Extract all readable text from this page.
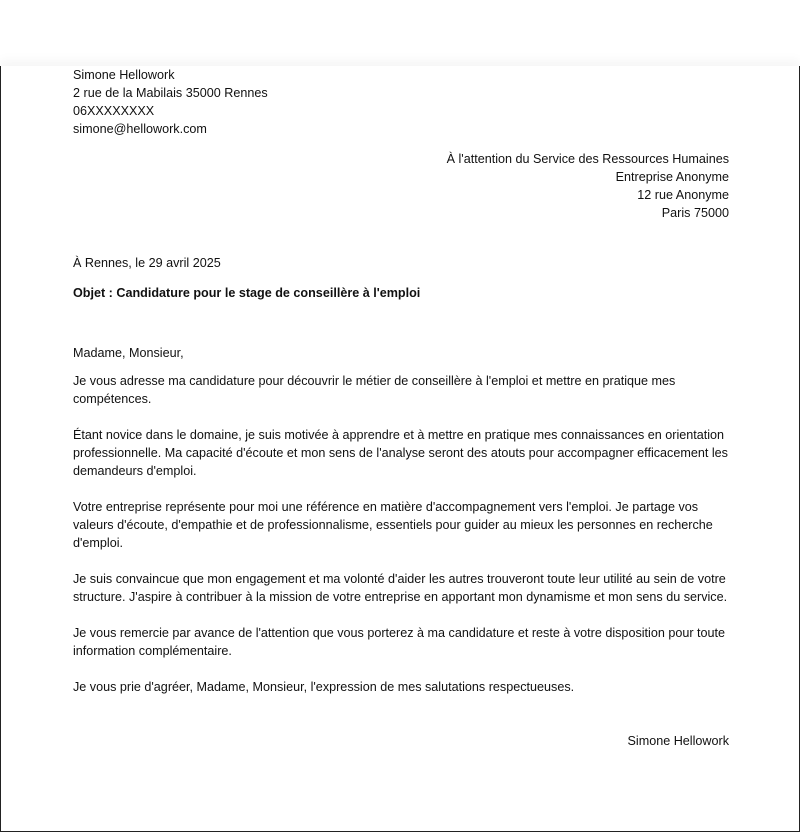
Simone Hellowork
2 rue de la Mabilais 35000 Rennes
06XXXXXXXX
simone@hellowork.com
À l'attention du Service des Ressources Humaines
Entreprise Anonyme
12 rue Anonyme
Paris 75000
À Rennes, le 29 avril 2025
Objet : Candidature pour le stage de conseillère à l'emploi
Madame, Monsieur,

Je vous adresse ma candidature pour découvrir le métier de conseillère à l'emploi et mettre en pratique mes compétences.

Étant novice dans le domaine, je suis motivée à apprendre et à mettre en pratique mes connaissances en orientation professionnelle. Ma capacité d'écoute et mon sens de l'analyse seront des atouts pour accompagner efficacement les demandeurs d'emploi.

Votre entreprise représente pour moi une référence en matière d'accompagnement vers l'emploi. Je partage vos valeurs d'écoute, d'empathie et de professionnalisme, essentiels pour guider au mieux les personnes en recherche d'emploi.

Je suis convaincue que mon engagement et ma volonté d'aider les autres trouveront toute leur utilité au sein de votre structure. J'aspire à contribuer à la mission de votre entreprise en apportant mon dynamisme et mon sens du service.

Je vous remercie par avance de l'attention que vous porterez à ma candidature et reste à votre disposition pour toute information complémentaire.

Je vous prie d'agréer, Madame, Monsieur, l'expression de mes salutations respectueuses.

Simone Hellowork
